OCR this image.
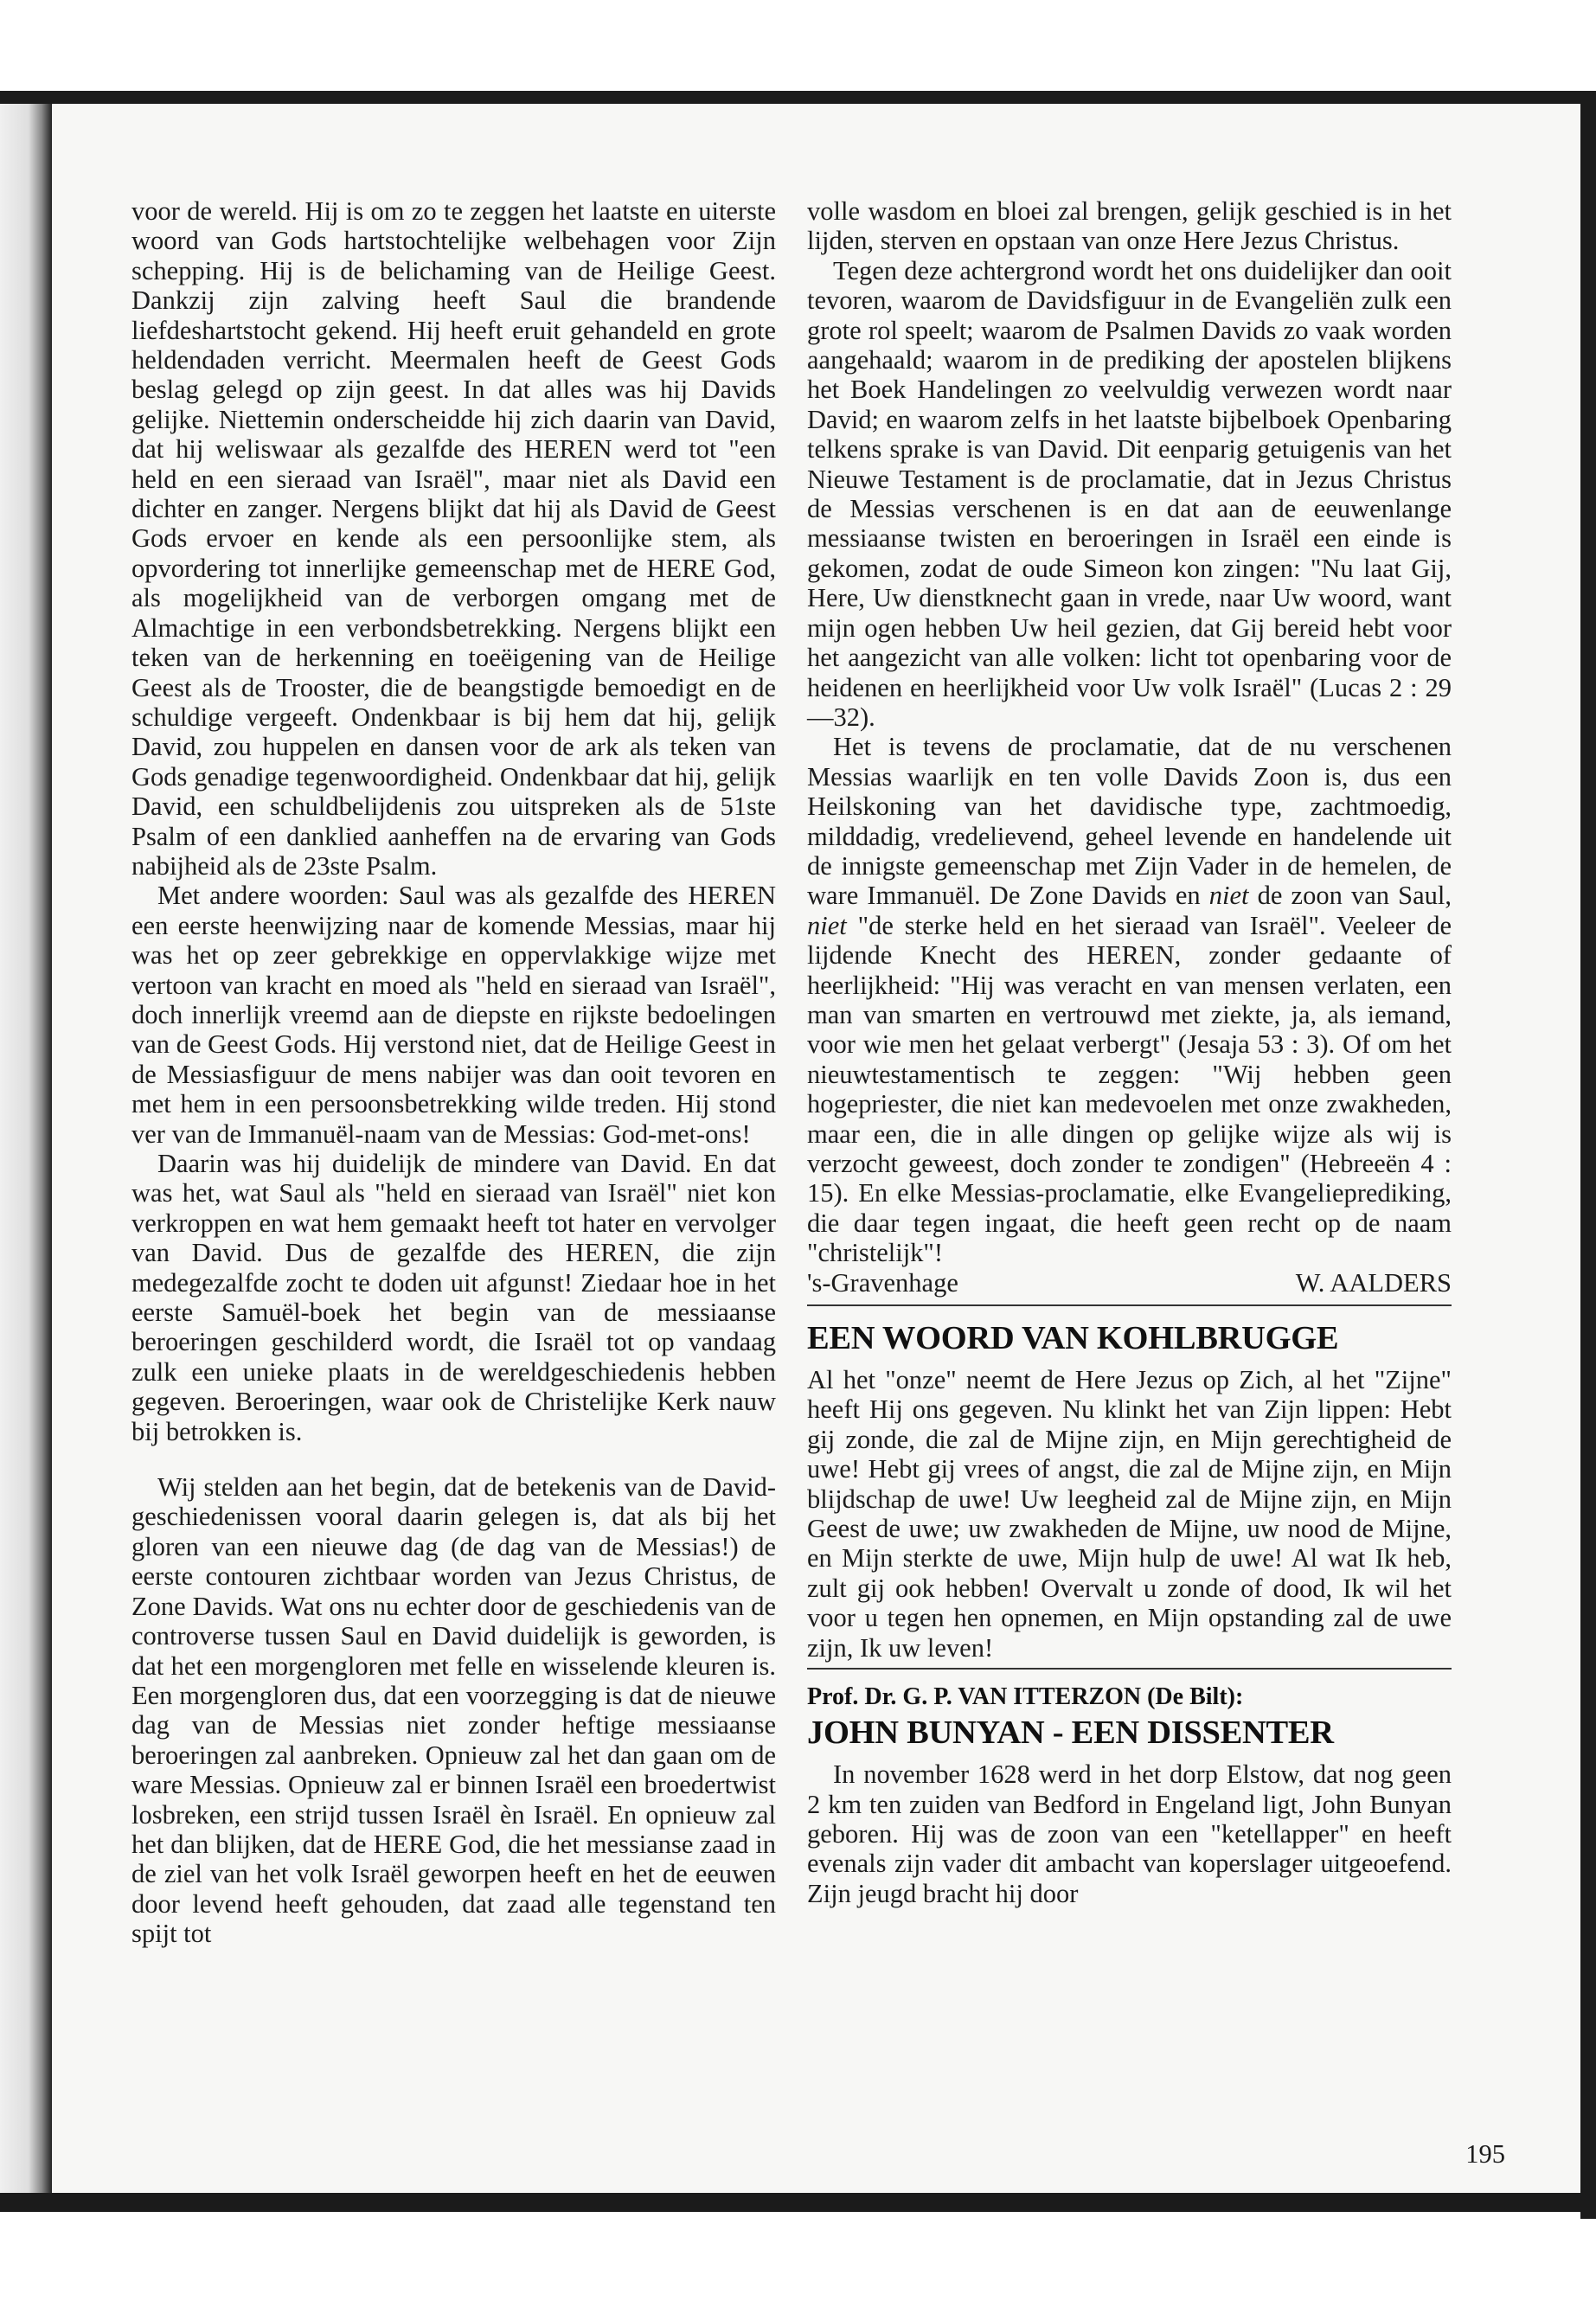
voor de wereld. Hij is om zo te zeggen het laatste en uiterste woord van Gods hartstochtelijke welbehagen voor Zijn schepping. Hij is de belichaming van de Heilige Geest. Dankzij zijn zalving heeft Saul die brandende liefdeshartstocht gekend. Hij heeft eruit gehandeld en grote heldendaden verricht. Meermalen heeft de Geest Gods beslag gelegd op zijn geest. In dat alles was hij Davids gelijke. Niettemin onderscheidde hij zich daarin van David, dat hij weliswaar als gezalfde des HEREN werd tot "een held en een sieraad van Israël", maar niet als David een dichter en zanger. Nergens blijkt dat hij als David de Geest Gods ervoer en kende als een persoonlijke stem, als opvordering tot innerlijke gemeenschap met de HERE God, als mogelijkheid van de verborgen omgang met de Almachtige in een verbondsbetrekking. Nergens blijkt een teken van de herkenning en toeëigening van de Heilige Geest als de Trooster, die de beangstigde bemoedigt en de schuldige vergeeft. Ondenkbaar is bij hem dat hij, gelijk David, zou huppelen en dansen voor de ark als teken van Gods genadige tegenwoordigheid. Ondenkbaar dat hij, gelijk David, een schuldbelijdenis zou uitspreken als de 51ste Psalm of een danklied aanheffen na de ervaring van Gods nabijheid als de 23ste Psalm.

Met andere woorden: Saul was als gezalfde des HEREN een eerste heenwijzing naar de komende Messias, maar hij was het op zeer gebrekkige en oppervlakkige wijze met vertoon van kracht en moed als "held en sieraad van Israël", doch innerlijk vreemd aan de diepste en rijkste bedoelingen van de Geest Gods. Hij verstond niet, dat de Heilige Geest in de Messiasfiguur de mens nabijer was dan ooit tevoren en met hem in een persoonsbetrekking wilde treden. Hij stond ver van de Immanuël-naam van de Messias: God-met-ons!

Daarin was hij duidelijk de mindere van David. En dat was het, wat Saul als "held en sieraad van Israël" niet kon verkroppen en wat hem gemaakt heeft tot hater en vervolger van David. Dus de gezalfde des HEREN, die zijn medegezalfde zocht te doden uit afgunst! Ziedaar hoe in het eerste Samuël-boek het begin van de messiaanse beroeringen geschilderd wordt, die Israël tot op vandaag zulk een unieke plaats in de wereldgeschiedenis hebben gegeven. Beroeringen, waar ook de Christelijke Kerk nauw bij betrokken is.

Wij stelden aan het begin, dat de betekenis van de David-geschiedenissen vooral daarin gelegen is, dat als bij het gloren van een nieuwe dag (de dag van de Messias!) de eerste contouren zichtbaar worden van Jezus Christus, de Zone Davids. Wat ons nu echter door de geschiedenis van de controverse tussen Saul en David duidelijk is geworden, is dat het een morgengloren met felle en wisselende kleuren is. Een morgengloren dus, dat een voorzegging is dat de nieuwe dag van de Messias niet zonder heftige messiaanse beroeringen zal aanbreken. Opnieuw zal het dan gaan om de ware Messias. Opnieuw zal er binnen Israël een broedertwist losbreken, een strijd tussen Israël èn Israël. En opnieuw zal het dan blijken, dat de HERE God, die het messianse zaad in de ziel van het volk Israël geworpen heeft en het de eeuwen door levend heeft gehouden, dat zaad alle tegenstand ten spijt tot

volle wasdom en bloei zal brengen, gelijk geschied is in het lijden, sterven en opstaan van onze Here Jezus Christus.

Tegen deze achtergrond wordt het ons duidelijker dan ooit tevoren, waarom de Davidsfiguur in de Evangeliën zulk een grote rol speelt; waarom de Psalmen Davids zo vaak worden aangehaald; waarom in de prediking der apostelen blijkens het Boek Handelingen zo veelvuldig verwezen wordt naar David; en waarom zelfs in het laatste bijbelboek Openbaring telkens sprake is van David. Dit eenparig getuigenis van het Nieuwe Testament is de proclamatie, dat in Jezus Christus de Messias verschenen is en dat aan de eeuwenlange messiaanse twisten en beroeringen in Israël een einde is gekomen, zodat de oude Simeon kon zingen: "Nu laat Gij, Here, Uw dienstknecht gaan in vrede, naar Uw woord, want mijn ogen hebben Uw heil gezien, dat Gij bereid hebt voor het aangezicht van alle volken: licht tot openbaring voor de heidenen en heerlijkheid voor Uw volk Israël" (Lucas 2 : 29—32).

Het is tevens de proclamatie, dat de nu verschenen Messias waarlijk en ten volle Davids Zoon is, dus een Heilskoning van het davidische type, zachtmoedig, milddadig, vredelievend, geheel levende en handelende uit de innigste gemeenschap met Zijn Vader in de hemelen, de ware Immanuël. De Zone Davids en niet de zoon van Saul, niet "de sterke held en het sieraad van Israël". Veeleer de lijdende Knecht des HEREN, zonder gedaante of heerlijkheid: "Hij was veracht en van mensen verlaten, een man van smarten en vertrouwd met ziekte, ja, als iemand, voor wie men het gelaat verbergt" (Jesaja 53 : 3). Of om het nieuwtestamentisch te zeggen: "Wij hebben geen hogepriester, die niet kan medevoelen met onze zwakheden, maar een, die in alle dingen op gelijke wijze als wij is verzocht geweest, doch zonder te zondigen" (Hebreeën 4 : 15). En elke Messias-proclamatie, elke Evangelieprediking, die daar tegen ingaat, die heeft geen recht op de naam "christelijk"!

's-Gravenhage	W. AALDERS
EEN WOORD VAN KOHLBRUGGE

Al het "onze" neemt de Here Jezus op Zich, al het "Zijne" heeft Hij ons gegeven. Nu klinkt het van Zijn lippen: Hebt gij zonde, die zal de Mijne zijn, en Mijn gerechtigheid de uwe! Hebt gij vrees of angst, die zal de Mijne zijn, en Mijn blijdschap de uwe! Uw leegheid zal de Mijne zijn, en Mijn Geest de uwe; uw zwakheden de Mijne, uw nood de Mijne, en Mijn sterkte de uwe, Mijn hulp de uwe! Al wat Ik heb, zult gij ook hebben! Overvalt u zonde of dood, Ik wil het voor u tegen hen opnemen, en Mijn opstanding zal de uwe zijn, Ik uw leven!

Prof. Dr. G. P. VAN ITTERZON (De Bilt):

JOHN BUNYAN - EEN DISSENTER

In november 1628 werd in het dorp Elstow, dat nog geen 2 km ten zuiden van Bedford in Engeland ligt, John Bunyan geboren. Hij was de zoon van een "ketellapper" en heeft evenals zijn vader dit ambacht van koperslager uitgeoefend. Zijn jeugd bracht hij door

195
